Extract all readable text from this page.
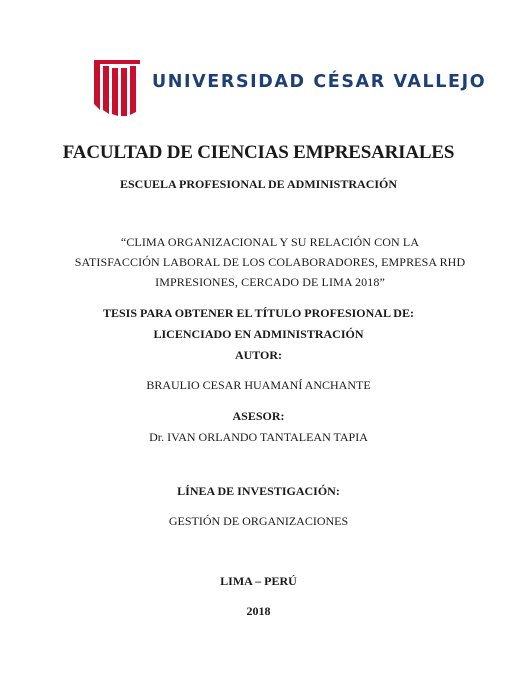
UNIVERSIDAD CÉSAR VALLEJO
FACULTAD DE CIENCIAS EMPRESARIALES
ESCUELA PROFESIONAL DE ADMINISTRACIÓN
“CLIMA ORGANIZACIONAL Y SU RELACIÓN CON LA
SATISFACCIÓN LABORAL DE LOS COLABORADORES, EMPRESA RHD
IMPRESIONES, CERCADO DE LIMA 2018”
TESIS PARA OBTENER EL TÍTULO PROFESIONAL DE:
LICENCIADO EN ADMINISTRACIÓN
AUTOR:
BRAULIO CESAR HUAMANÍ ANCHANTE
ASESOR:
Dr. IVAN ORLANDO TANTALEAN TAPIA
LÍNEA DE INVESTIGACIÓN:
GESTIÓN DE ORGANIZACIONES
LIMA – PERÚ
2018
